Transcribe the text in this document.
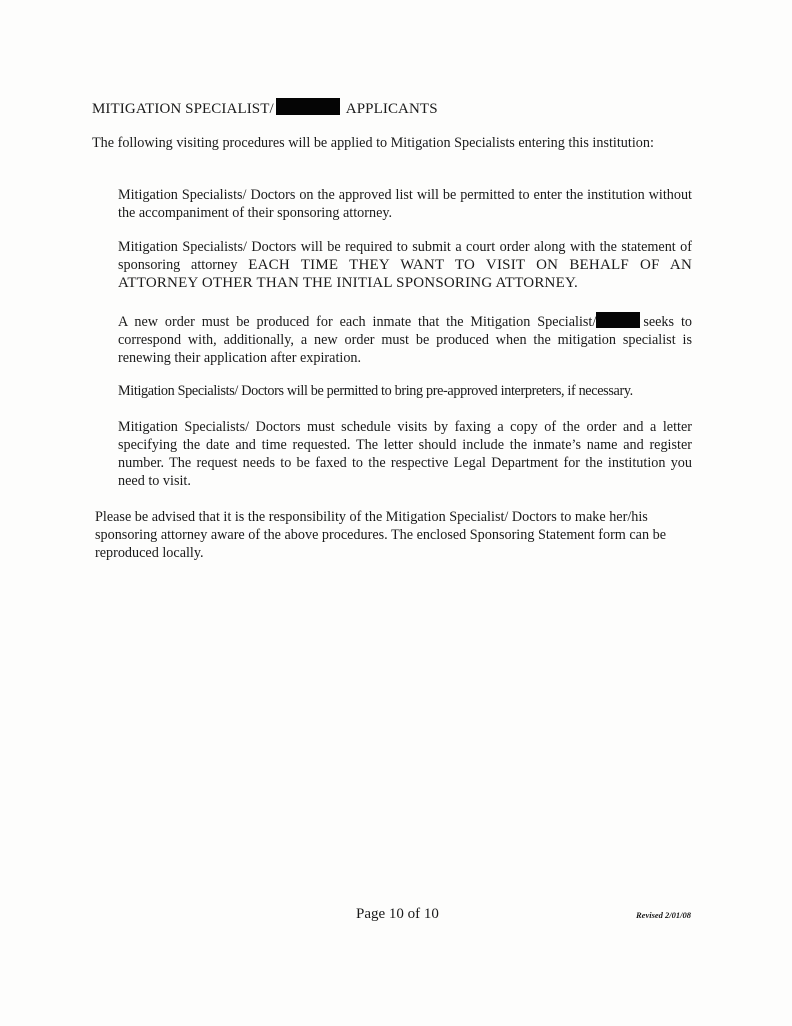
MITIGATION SPECIALIST/	APPLICANTS
The following visiting procedures will be applied to Mitigation Specialists entering this institution:
Mitigation Specialists/ Doctors on the approved list will be permitted to enter the institution without the accompaniment of their sponsoring attorney.
Mitigation Specialists/ Doctors will be required to submit a court order along with the statement of sponsoring attorney EACH TIME THEY WANT TO VISIT ON BEHALF OF AN ATTORNEY OTHER THAN THE INITIAL SPONSORING ATTORNEY.
A new order must be produced for each inmate that the Mitigation Specialist/	seeks to correspond with, additionally, a new order must be produced when the mitigation specialist is renewing their application after expiration.
Mitigation Specialists/ Doctors will be permitted to bring pre-approved interpreters, if necessary.
Mitigation Specialists/ Doctors must schedule visits by faxing a copy of the order and a letter specifying the date and time requested. The letter should include the inmate’s name and register number. The request needs to be faxed to the respective Legal Department for the institution you need to visit.
Please be advised that it is the responsibility of the Mitigation Specialist/ Doctors to make her/his sponsoring attorney aware of the above procedures. The enclosed Sponsoring Statement form can be reproduced locally.
Page 10 of 10	Revised 2/01/08
